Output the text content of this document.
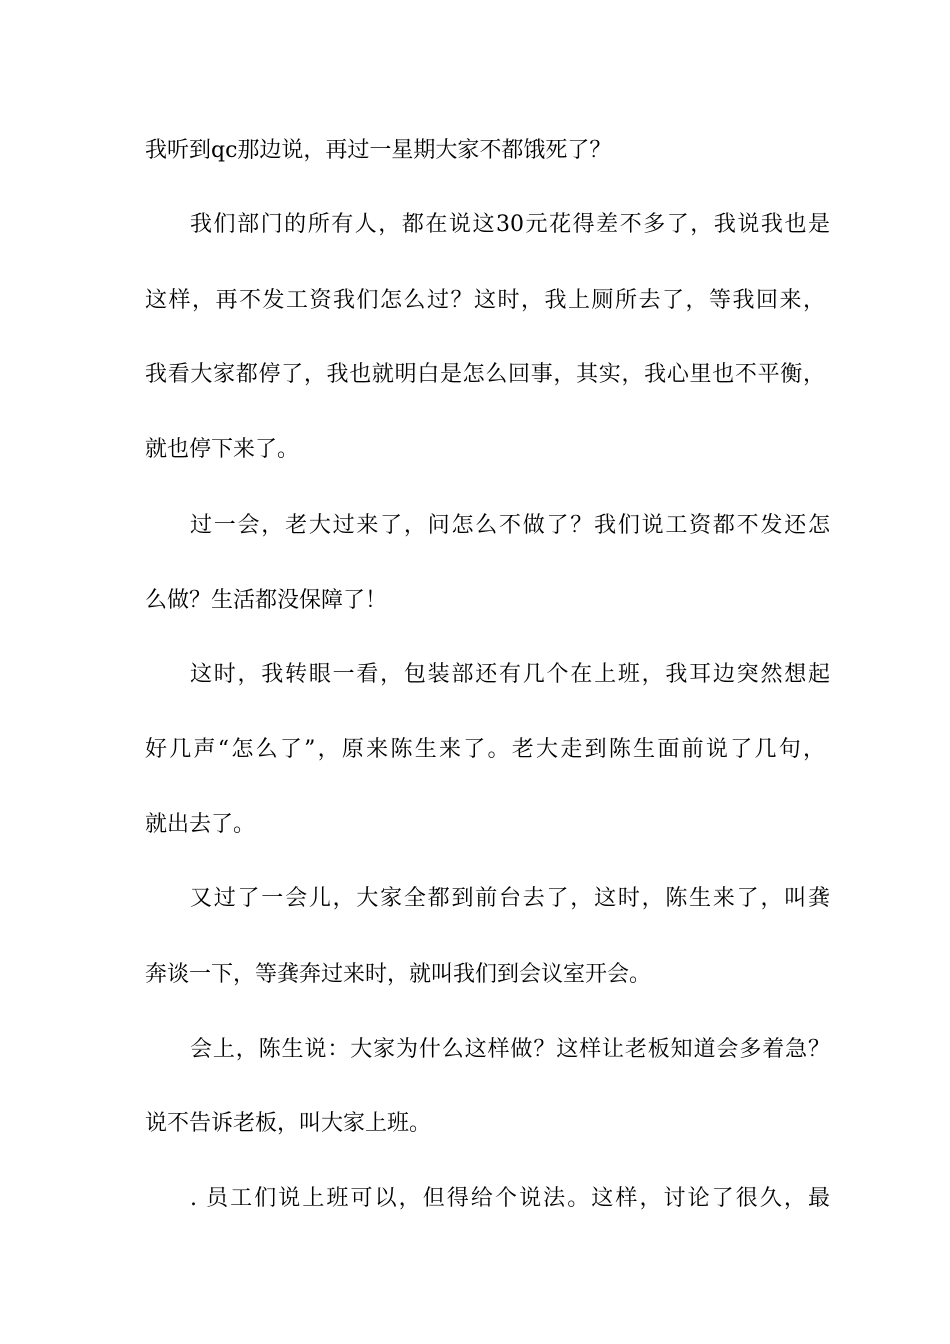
我听到qc那边说，再过一星期大家不都饿死了？

我们部门的所有人，都在说这30元花得差不多了，我说我也是

这样，再不发工资我们怎么过？这时，我上厕所去了，等我回来，

我看大家都停了，我也就明白是怎么回事，其实，我心里也不平衡，

就也停下来了。

过一会，老大过来了，问怎么不做了？我们说工资都不发还怎

么做？生活都没保障了！

这时，我转眼一看，包装部还有几个在上班，我耳边突然想起

好几声“怎么了”，原来陈生来了。老大走到陈生面前说了几句，

就出去了。

又过了一会儿，大家全都到前台去了，这时，陈生来了，叫龚

奔谈一下，等龚奔过来时，就叫我们到会议室开会。

会上，陈生说：大家为什么这样做？这样让老板知道会多着急？

说不告诉老板，叫大家上班。

. 员工们说上班可以，但得给个说法。这样，讨论了很久，最
